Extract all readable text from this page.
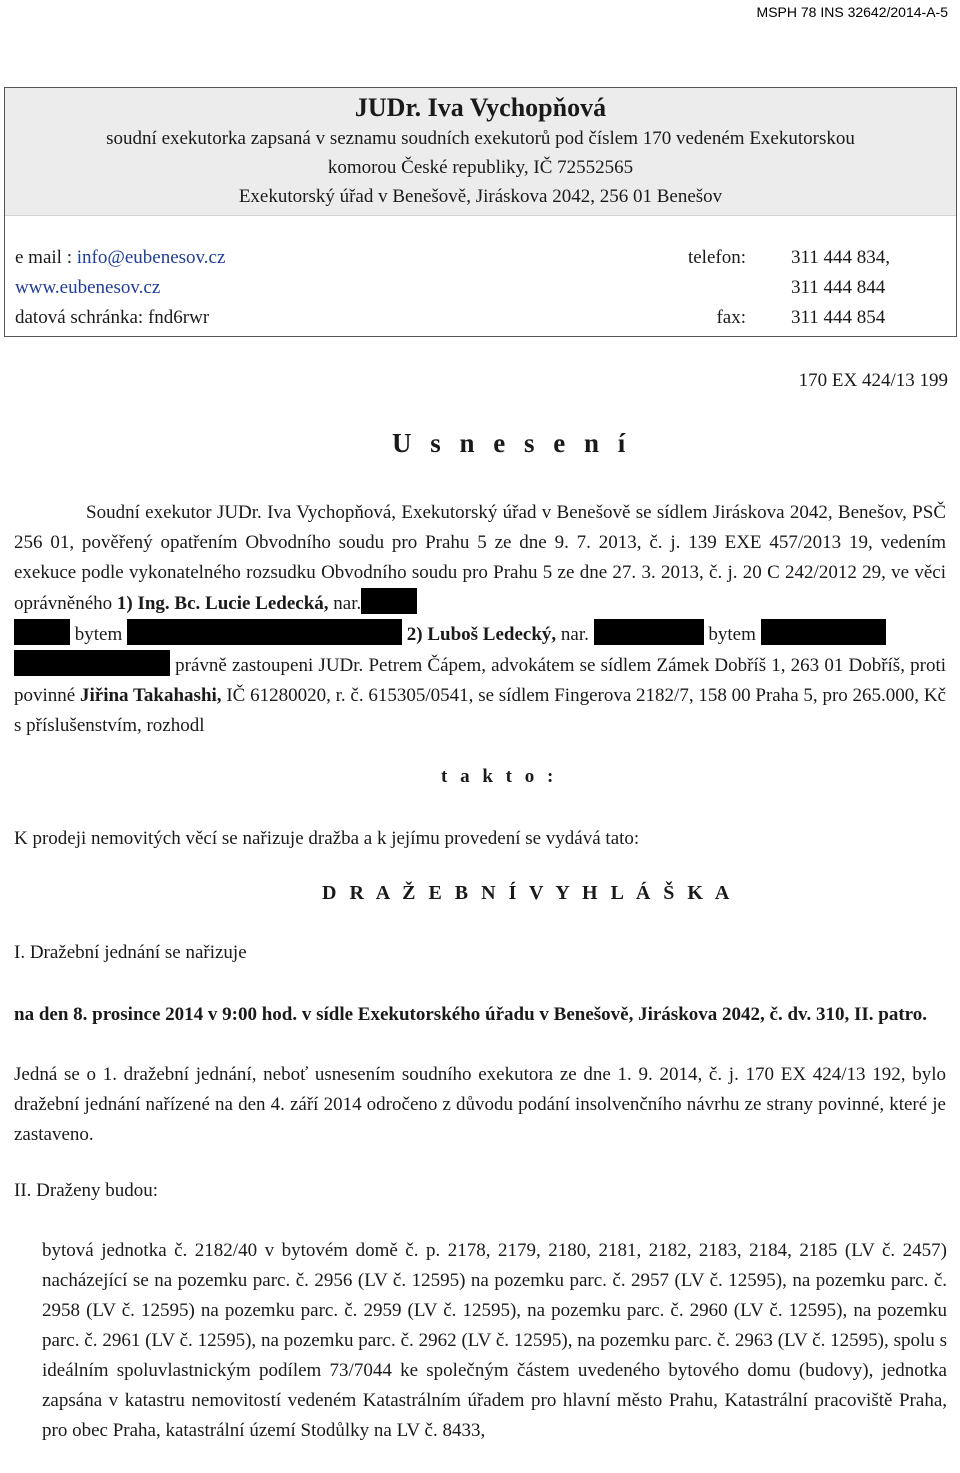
MSPH 78 INS 32642/2014-A-5
JUDr. Iva Vychopňová
soudní exekutorka zapsaná v seznamu soudních exekutorů pod číslem 170 vedeném Exekutorskou
komorou České republiky, IČ 72552565
Exekutorský úřad v Benešově, Jiráskova 2042, 256 01 Benešov
e mail : info@eubenesov.cz	telefon: 311 444 834,
www.eubenesov.cz	311 444 844
datová schránka: fnd6rwr	fax: 311 444 854
170 EX 424/13 199
U s n e s e n í
Soudní exekutor JUDr. Iva Vychopňová, Exekutorský úřad v Benešově se sídlem Jiráskova 2042, Benešov, PSČ 256 01, pověřený opatřením Obvodního soudu pro Prahu 5 ze dne 9. 7. 2013, č. j. 139 EXE 457/2013 19, vedením exekuce podle vykonatelného rozsudku Obvodního soudu pro Prahu 5 ze dne 27. 3. 2013, č. j. 20 C 242/2012 29, ve věci oprávněného 1) Ing. Bc. Lucie Ledecká, nar.
bytem	2) Luboš Ledecký, nar.	bytem
právně zastoupeni JUDr. Petrem Čápem, advokátem se sídlem Zámek Dobříš 1, 263 01 Dobříš, proti povinné Jiřina Takahashi, IČ 61280020, r. č. 615305/0541, se sídlem Fingerova 2182/7, 158 00 Praha 5, pro 265.000, Kč s příslušenstvím, rozhodl
t a k t o :
K prodeji nemovitých věcí se nařizuje dražba a k jejímu provedení se vydává tato:
D R A Ž E B N Í V Y H L Á Š K A
I. Dražební jednání se nařizuje
na den 8. prosince 2014 v 9:00 hod. v sídle Exekutorského úřadu v Benešově, Jiráskova 2042, č. dv. 310, II. patro.
Jedná se o 1. dražební jednání, neboť usnesením soudního exekutora ze dne 1. 9. 2014, č. j. 170 EX 424/13 192, bylo dražební jednání nařízené na den 4. září 2014 odročeno z důvodu podání insolvenčního návrhu ze strany povinné, které je zastaveno.
II. Draženy budou:
bytová jednotka č. 2182/40 v bytovém domě č. p. 2178, 2179, 2180, 2181, 2182, 2183, 2184, 2185 (LV č. 2457) nacházející se na pozemku parc. č. 2956 (LV č. 12595) na pozemku parc. č. 2957 (LV č. 12595), na pozemku parc. č. 2958 (LV č. 12595) na pozemku parc. č. 2959 (LV č. 12595), na pozemku parc. č. 2960 (LV č. 12595), na pozemku parc. č. 2961 (LV č. 12595), na pozemku parc. č. 2962 (LV č. 12595), na pozemku parc. č. 2963 (LV č. 12595), spolu s ideálním spoluvlastnickým podílem 73/7044 ke společným částem uvedeného bytového domu (budovy), jednotka zapsána v katastru nemovitostí vedeném Katastrálním úřadem pro hlavní město Prahu, Katastrální pracoviště Praha, pro obec Praha, katastrální území Stodůlky na LV č. 8433,
